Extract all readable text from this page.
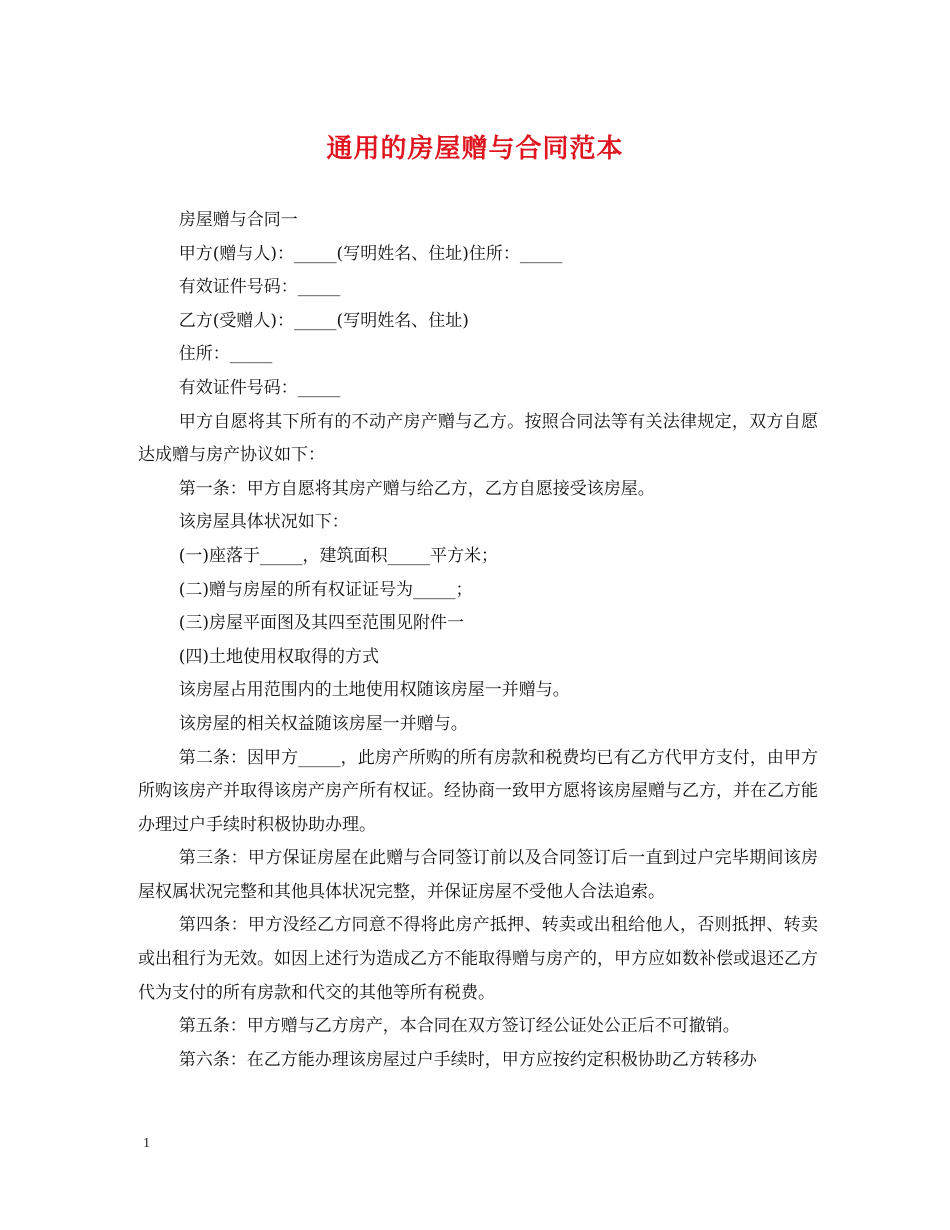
通用的房屋赠与合同范本

房屋赠与合同一

甲方(赠与人)：_____(写明姓名、住址)住所：_____

有效证件号码：_____

乙方(受赠人)：_____(写明姓名、住址)

住所：_____

有效证件号码：_____

甲方自愿将其下所有的不动产房产赠与乙方。按照合同法等有关法律规定，双方自愿达成赠与房产协议如下：

第一条：甲方自愿将其房产赠与给乙方，乙方自愿接受该房屋。

该房屋具体状况如下：

(一)座落于_____，建筑面积_____平方米；

(二)赠与房屋的所有权证证号为_____；

(三)房屋平面图及其四至范围见附件一

(四)土地使用权取得的方式

该房屋占用范围内的土地使用权随该房屋一并赠与。

该房屋的相关权益随该房屋一并赠与。

第二条：因甲方_____，此房产所购的所有房款和税费均已有乙方代甲方支付，由甲方所购该房产并取得该房产房产所有权证。经协商一致甲方愿将该房屋赠与乙方，并在乙方能办理过户手续时积极协助办理。

第三条：甲方保证房屋在此赠与合同签订前以及合同签订后一直到过户完毕期间该房屋权属状况完整和其他具体状况完整，并保证房屋不受他人合法追索。

第四条：甲方没经乙方同意不得将此房产抵押、转卖或出租给他人，否则抵押、转卖或出租行为无效。如因上述行为造成乙方不能取得赠与房产的，甲方应如数补偿或退还乙方代为支付的所有房款和代交的其他等所有税费。

第五条：甲方赠与乙方房产，本合同在双方签订经公证处公正后不可撤销。

第六条：在乙方能办理该房屋过户手续时，甲方应按约定积极协助乙方转移办

1
